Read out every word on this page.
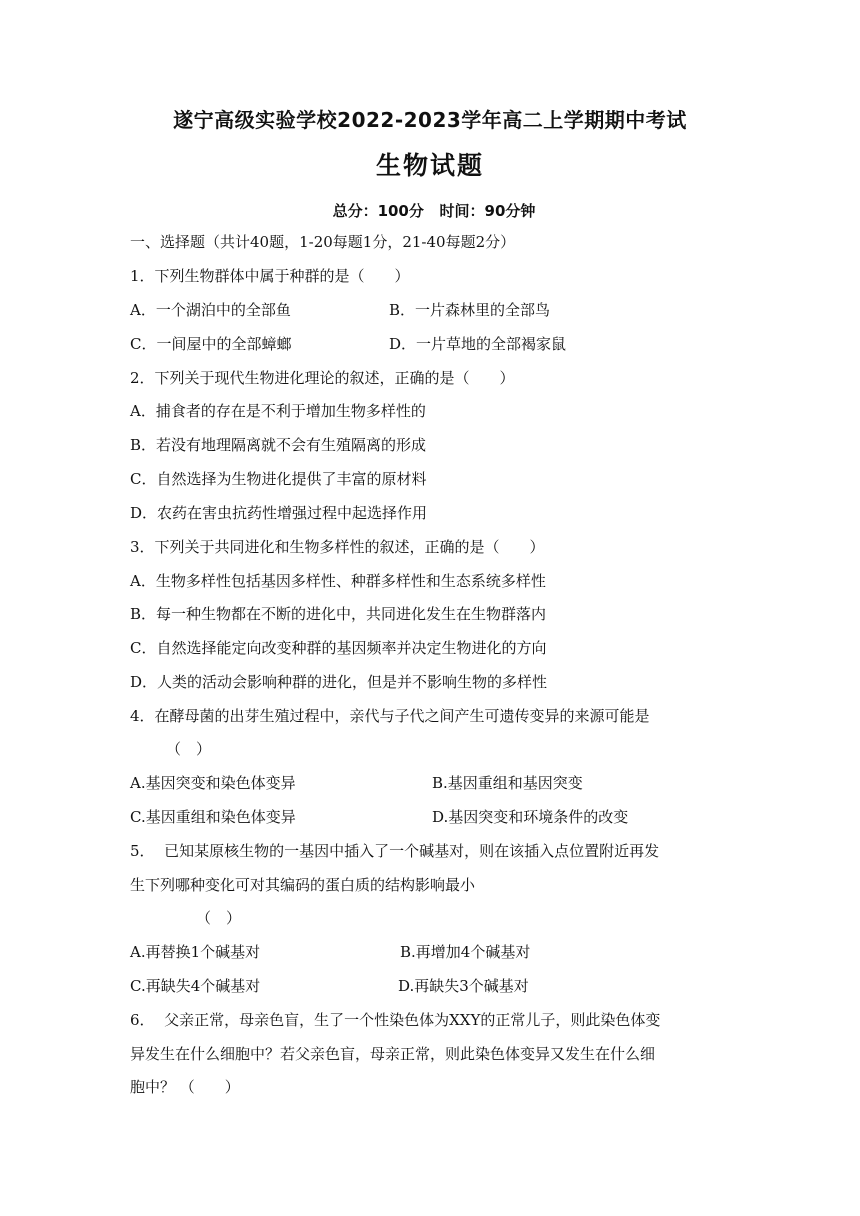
遂宁高级实验学校2022-2023学年高二上学期期中考试
生物试题
总分：100分   时间：90分钟
一、选择题（共计40题，1-20每题1分，21-40每题2分）
1．下列生物群体中属于种群的是（　　）
A．一个湖泊中的全部鱼	B．一片森林里的全部鸟
C．一间屋中的全部蟑螂	D．一片草地的全部褐家鼠
2．下列关于现代生物进化理论的叙述，正确的是（　　）
A．捕食者的存在是不利于增加生物多样性的
B．若没有地理隔离就不会有生殖隔离的形成
C．自然选择为生物进化提供了丰富的原材料
D．农药在害虫抗药性增强过程中起选择作用
3．下列关于共同进化和生物多样性的叙述，正确的是（　　）
A．生物多样性包括基因多样性、种群多样性和生态系统多样性
B．每一种生物都在不断的进化中，共同进化发生在生物群落内
C．自然选择能定向改变种群的基因频率并决定生物进化的方向
D．人类的活动会影响种群的进化，但是并不影响生物的多样性
4．在酵母菌的出芽生殖过程中，亲代与子代之间产生可遗传变异的来源可能是
（　）
A.基因突变和染色体变异	B.基因重组和基因突变
C.基因重组和染色体变异	D.基因突变和环境条件的改变
5．  已知某原核生物的一基因中插入了一个碱基对，则在该插入点位置附近再发
生下列哪种变化可对其编码的蛋白质的结构影响最小
（　）
A.再替换1个碱基对	B.再增加4个碱基对
C.再缺失4个碱基对	D.再缺失3个碱基对
6．  父亲正常，母亲色盲，生了一个性染色体为XXY的正常儿子，则此染色体变
异发生在什么细胞中？若父亲色盲，母亲正常，则此染色体变异又发生在什么细
胞中？ （　　）
